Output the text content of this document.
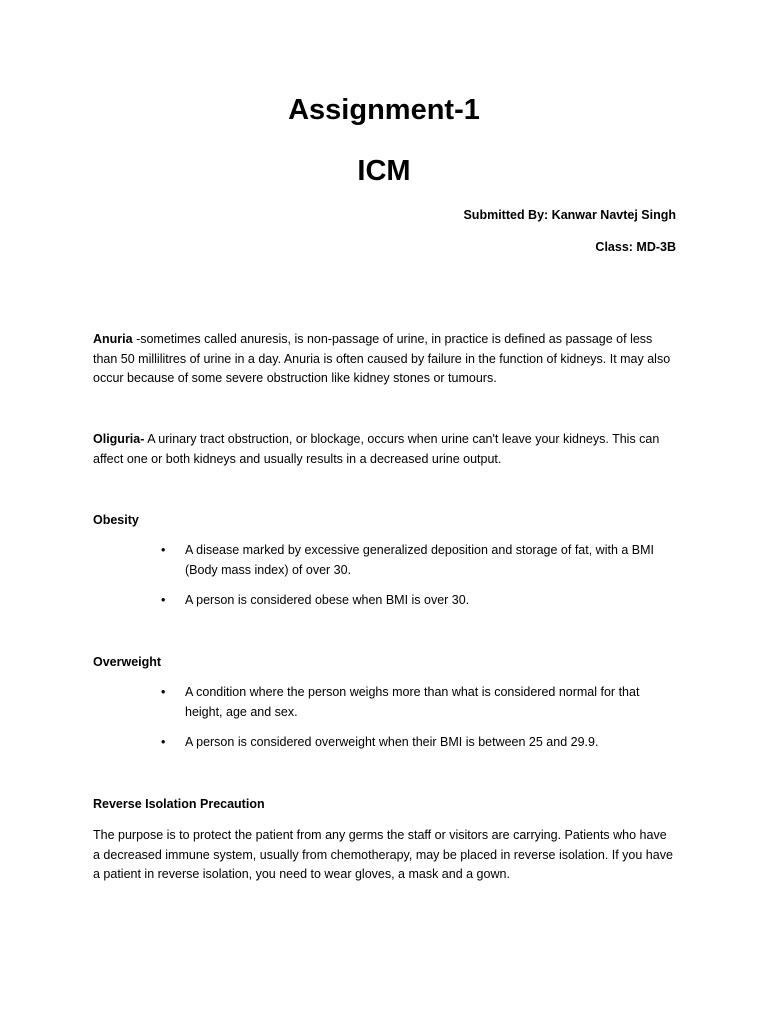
Assignment-1
ICM

Submitted By: Kanwar Navtej Singh

Class: MD-3B

Anuria -sometimes called anuresis, is non-passage of urine, in practice is defined as passage of less than 50 millilitres of urine in a day. Anuria is often caused by failure in the function of kidneys. It may also occur because of some severe obstruction like kidney stones or tumours.

Oliguria- A urinary tract obstruction, or blockage, occurs when urine can't leave your kidneys. This can affect one or both kidneys and usually results in a decreased urine output.

Obesity

• A disease marked by excessive generalized deposition and storage of fat, with a BMI (Body mass index) of over 30.
• A person is considered obese when BMI is over 30.

Overweight

• A condition where the person weighs more than what is considered normal for that height, age and sex.
• A person is considered overweight when their BMI is between 25 and 29.9.

Reverse Isolation Precaution

The purpose is to protect the patient from any germs the staff or visitors are carrying. Patients who have a decreased immune system, usually from chemotherapy, may be placed in reverse isolation. If you have a patient in reverse isolation, you need to wear gloves, a mask and a gown.
